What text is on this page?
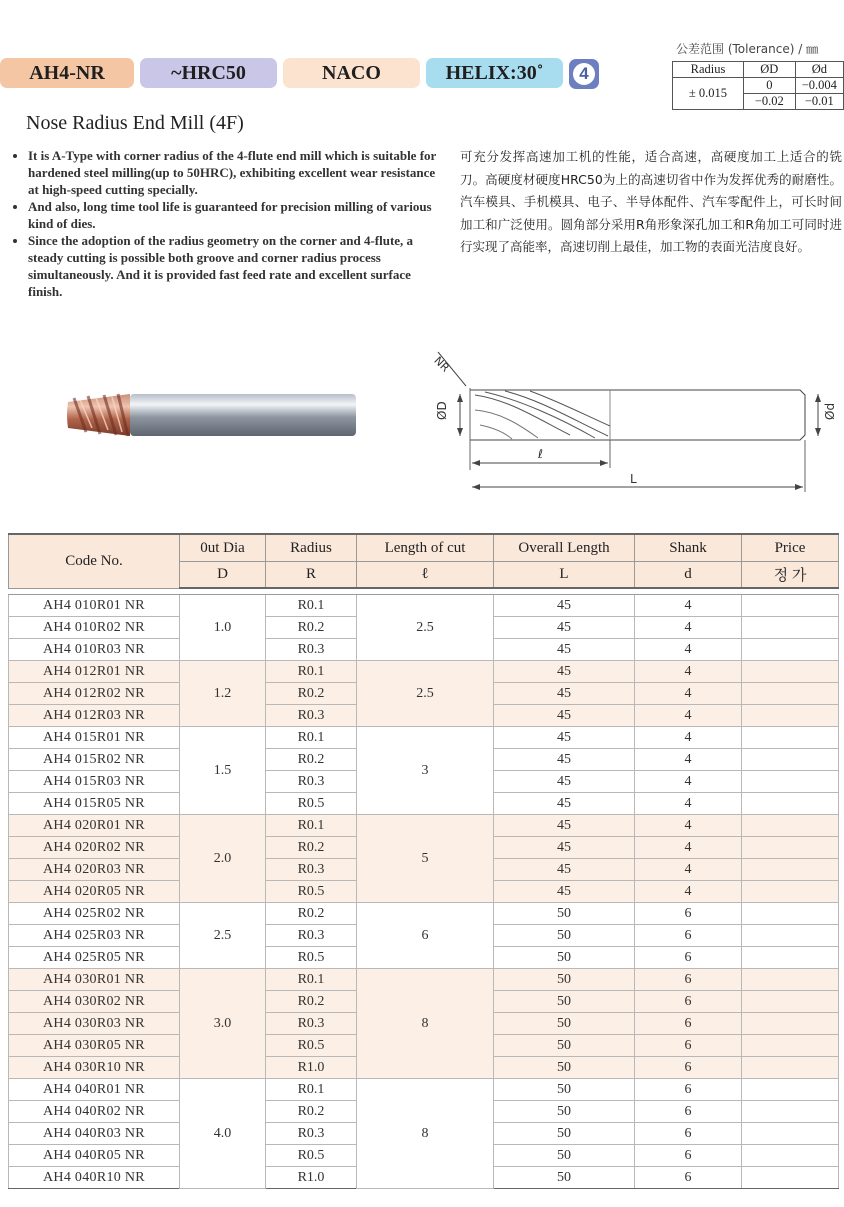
AH4-NR	~HRC50	NACO	HELIX:30˚	4
公差范围 (Tolerance) / ㎜
Radius	ØD	Ød
± 0.015	0	−0.004
	−0.02	−0.01
Nose Radius End Mill (4F)
• It is A-Type with corner radius of the 4-flute end mill which is suitable for hardened steel milling(up to 50HRC), exhibiting excellent wear resistance at high-speed cutting specially.
• And also, long time tool life is guaranteed for precision milling of various kind of dies.
• Since the adoption of the radius geometry on the corner and 4-flute, a steady cutting is possible both groove and corner radius process simultaneously. And it is provided fast feed rate and excellent surface finish.
可充分发挥高速加工机的性能，适合高速，高硬度加工上适合的铣刀。高硬度材硬度HRC50为上的高速切省中作为发挥优秀的耐磨性。汽车模具、手机模具、电子、半导体配件、汽车零配件上，可长时间加工和广泛使用。圆角部分采用R角形象深孔加工和R角加工可同时进行实现了高能率，高速切削上最佳，加工物的表面光洁度良好。
NR
ØD	Ød
ℓ
L
Code No.	0ut Dia	Radius	Length of cut	Overall Length	Shank	Price
	D	R	ℓ	L	d	정 가

AH4 010R01 NR	1.0	R0.1	2.5	45	4	
AH4 010R02 NR		R0.2		45	4	
AH4 010R03 NR		R0.3		45	4	
AH4 012R01 NR	1.2	R0.1	2.5	45	4	
AH4 012R02 NR		R0.2		45	4	
AH4 012R03 NR		R0.3		45	4	
AH4 015R01 NR	1.5	R0.1	3	45	4	
AH4 015R02 NR		R0.2		45	4	
AH4 015R03 NR		R0.3		45	4	
AH4 015R05 NR		R0.5		45	4	
AH4 020R01 NR	2.0	R0.1	5	45	4	
AH4 020R02 NR		R0.2		45	4	
AH4 020R03 NR		R0.3		45	4	
AH4 020R05 NR		R0.5		45	4	
AH4 025R02 NR	2.5	R0.2	6	50	6	
AH4 025R03 NR		R0.3		50	6	
AH4 025R05 NR		R0.5		50	6	
AH4 030R01 NR	3.0	R0.1	8	50	6	
AH4 030R02 NR		R0.2		50	6	
AH4 030R03 NR		R0.3		50	6	
AH4 030R05 NR		R0.5		50	6	
AH4 030R10 NR		R1.0		50	6	
AH4 040R01 NR	4.0	R0.1	8	50	6	
AH4 040R02 NR		R0.2		50	6	
AH4 040R03 NR		R0.3		50	6	
AH4 040R05 NR		R0.5		50	6	
AH4 040R10 NR		R1.0		50	6	
